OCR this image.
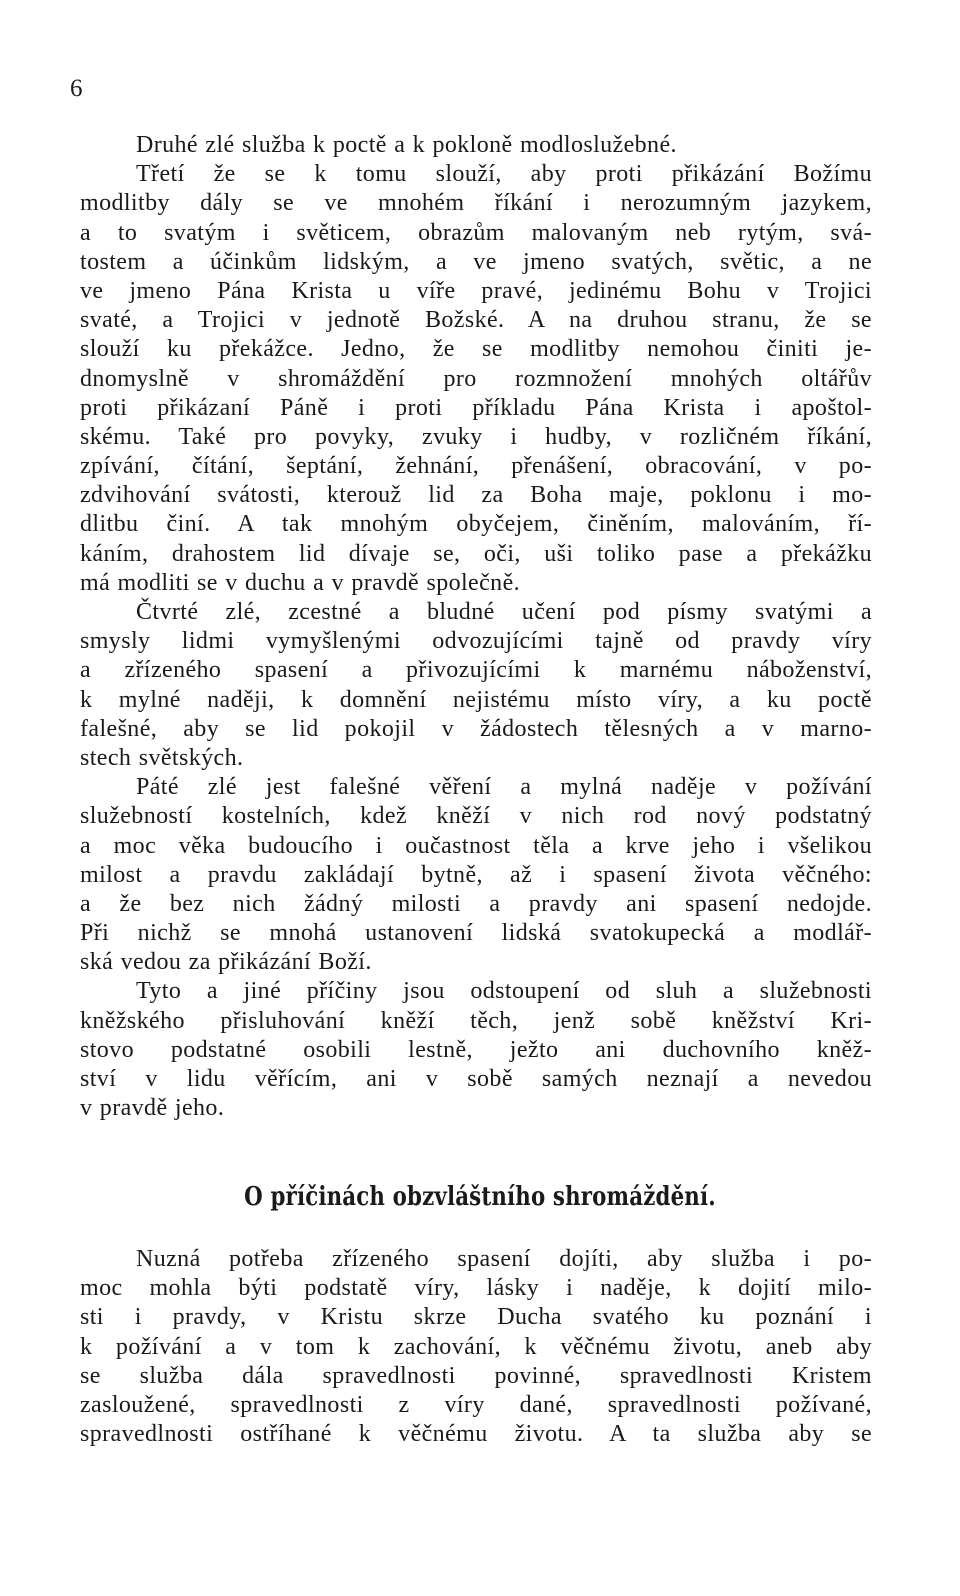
6
Druhé zlé služba k poctě a k pokloně modloslužebné.
Třetí že se k tomu slouží, aby proti přikázání Božímu
modlitby dály se ve mnohém říkání i nerozumným jazykem,
a to svatým i světicem, obrazům malovaným neb rytým, svá-
tostem a účinkům lidským, a ve jmeno svatých, světic, a ne
ve jmeno Pána Krista u víře pravé, jedinému Bohu v Trojici
svaté, a Trojici v jednotě Božské. A na druhou stranu, že se
slouží ku překážce. Jedno, že se modlitby nemohou činiti je-
dnomyslně v shromáždění pro rozmnožení mnohých oltářův
proti přikázaní Páně i proti příkladu Pána Krista i apoštol-
skému. Také pro povyky, zvuky i hudby, v rozličném říkání,
zpívání, čítání, šeptání, žehnání, přenášení, obracování, v po-
zdvihování svátosti, kterouž lid za Boha maje, poklonu i mo-
dlitbu činí. A tak mnohým obyčejem, činěním, malováním, ří-
káním, drahostem lid dívaje se, oči, uši toliko pase a překážku
má modliti se v duchu a v pravdě společně.
Čtvrté zlé, zcestné a bludné učení pod písmy svatými a
smysly lidmi vymyšlenými odvozujícími tajně od pravdy víry
a zřízeného spasení a přivozujícími k marnému náboženství,
k mylné naději, k domnění nejistému místo víry, a ku poctě
falešné, aby se lid pokojil v žádostech tělesných a v marno-
stech světských.
Páté zlé jest falešné věření a mylná naděje v požívání
služebností kostelních, kdež kněží v nich rod nový podstatný
a moc věka budoucího i oučastnost těla a krve jeho i všelikou
milost a pravdu zakládají bytně, až i spasení života věčného:
a že bez nich žádný milosti a pravdy ani spasení nedojde.
Při nichž se mnohá ustanovení lidská svatokupecká a modlář-
ská vedou za přikázání Boží.
Tyto a jiné příčiny jsou odstoupení od sluh a služebnosti
kněžského přisluhování kněží těch, jenž sobě kněžství Kri-
stovo podstatné osobili lestně, ježto ani duchovního kněž-
ství v lidu věřícím, ani v sobě samých neznají a nevedou
v pravdě jeho.
O příčinách obzvláštního shromáždění.
Nuzná potřeba zřízeného spasení dojíti, aby služba i po-
moc mohla býti podstatě víry, lásky i naděje, k dojití milo-
sti i pravdy, v Kristu skrze Ducha svatého ku poznání i
k požívání a v tom k zachování, k věčnému životu, aneb aby
se služba dála spravedlnosti povinné, spravedlnosti Kristem
zasloužené, spravedlnosti z víry dané, spravedlnosti požívané,
spravedlnosti ostříhané k věčnému životu. A ta služba aby se
